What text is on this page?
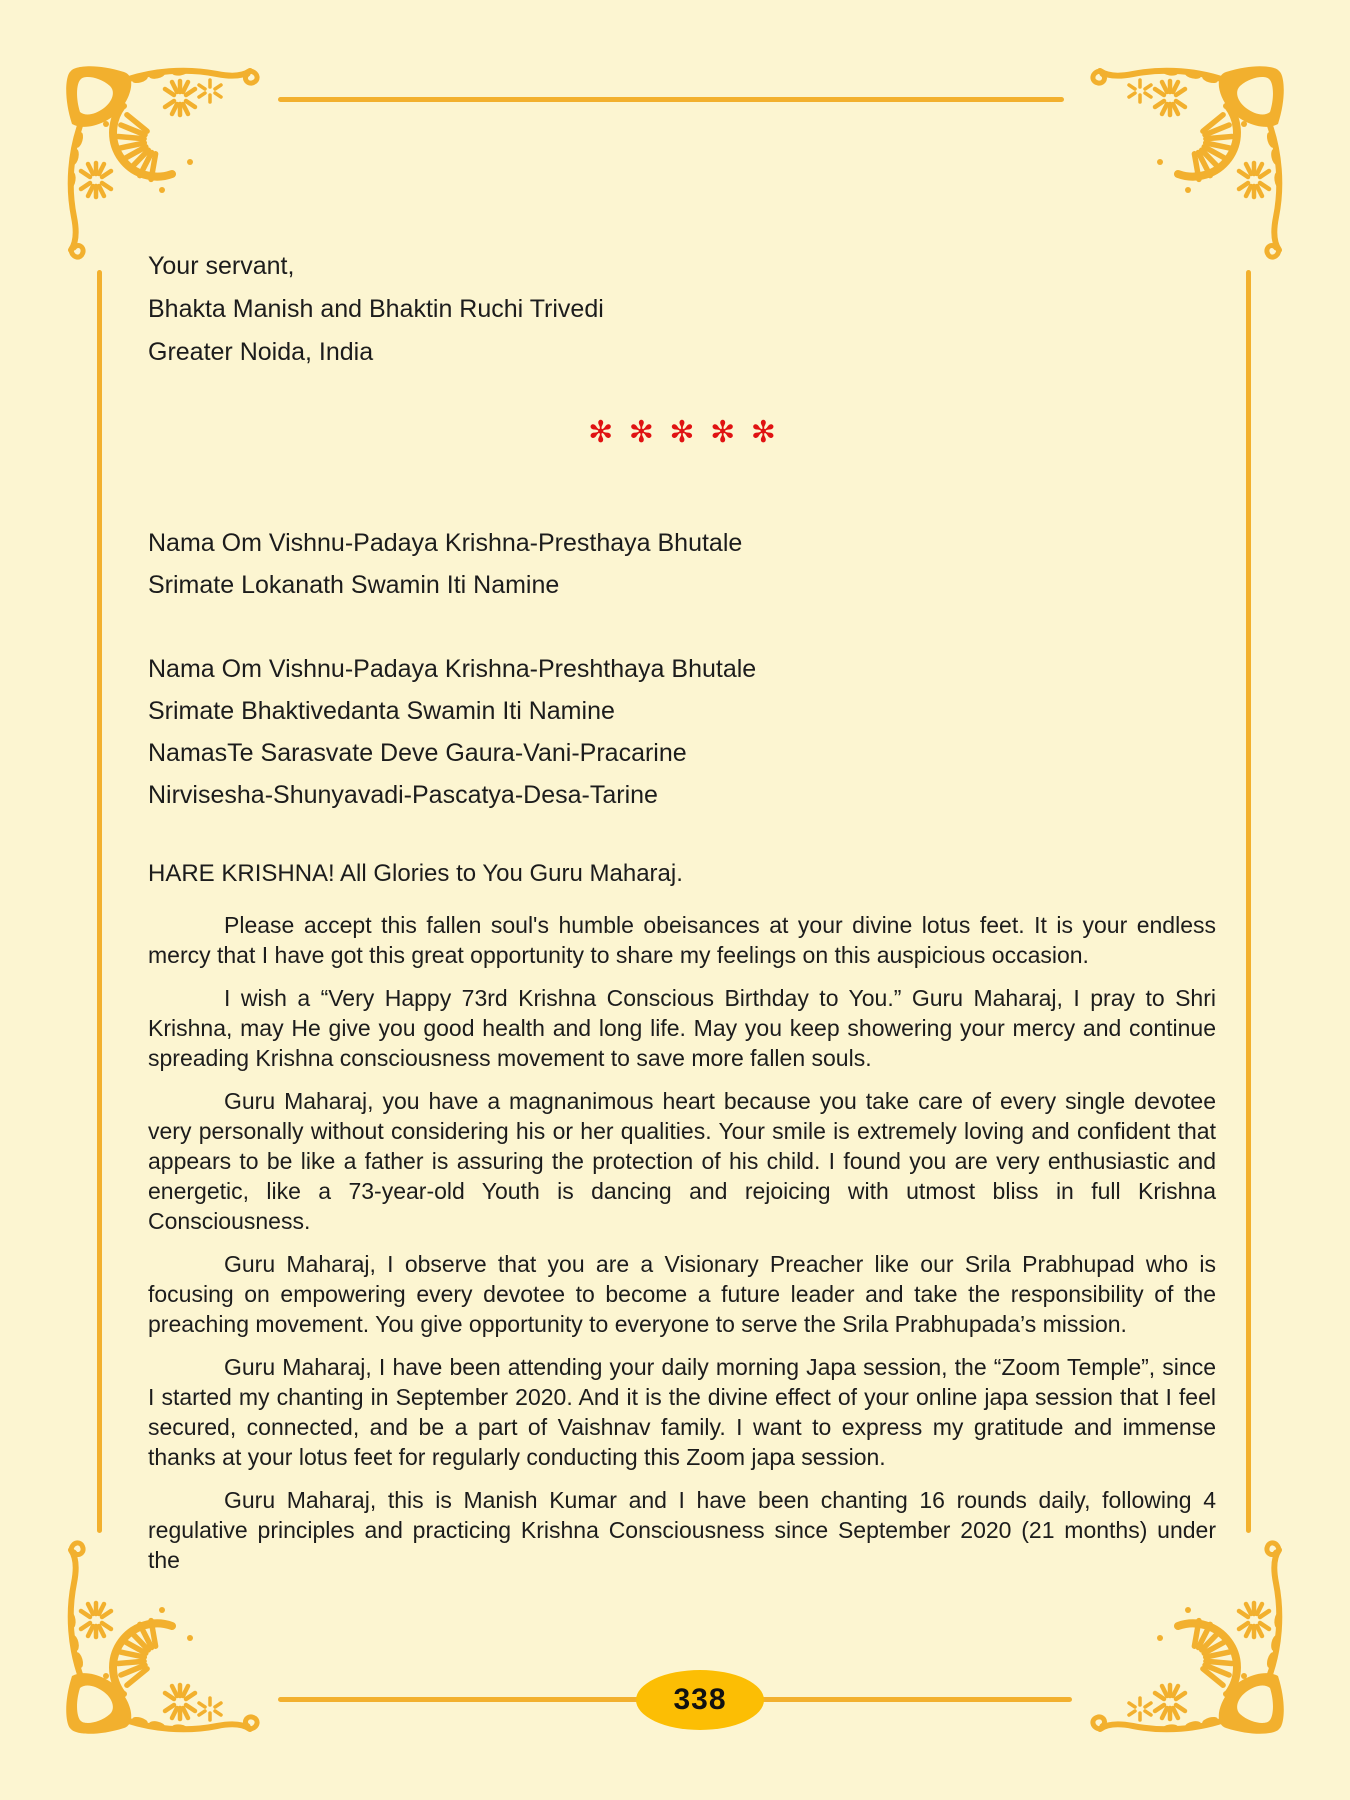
Your servant,
Bhakta Manish and Bhaktin Ruchi Trivedi
Greater Noida, India
✻ ✻ ✻ ✻ ✻
Nama Om Vishnu-Padaya Krishna-Presthaya Bhutale
Srimate Lokanath Swamin Iti Namine
Nama Om Vishnu-Padaya Krishna-Preshthaya Bhutale
Srimate Bhaktivedanta Swamin Iti Namine
NamasTe Sarasvate Deve Gaura-Vani-Pracarine
Nirvisesha-Shunyavadi-Pascatya-Desa-Tarine
HARE KRISHNA! All Glories to You Guru Maharaj.

Please accept this fallen soul's humble obeisances at your divine lotus feet. It is your endless mercy that I have got this great opportunity to share my feelings on this auspicious occasion.

I wish a “Very Happy 73rd Krishna Conscious Birthday to You.” Guru Maharaj, I pray to Shri Krishna, may He give you good health and long life. May you keep showering your mercy and continue spreading Krishna consciousness movement to save more fallen souls.

Guru Maharaj, you have a magnanimous heart because you take care of every single devotee very personally without considering his or her qualities. Your smile is extremely loving and confident that appears to be like a father is assuring the protection of his child. I found you are very enthusiastic and energetic, like a 73-year-old Youth is dancing and rejoicing with utmost bliss in full Krishna Consciousness.

Guru Maharaj, I observe that you are a Visionary Preacher like our Srila Prabhupad who is focusing on empowering every devotee to become a future leader and take the responsibility of the preaching movement. You give opportunity to everyone to serve the Srila Prabhupada’s mission.

Guru Maharaj, I have been attending your daily morning Japa session, the “Zoom Temple”, since I started my chanting in September 2020. And it is the divine effect of your online japa session that I feel secured, connected, and be a part of Vaishnav family. I want to express my gratitude and immense thanks at your lotus feet for regularly conducting this Zoom japa session.

Guru Maharaj, this is Manish Kumar and I have been chanting 16 rounds daily, following 4 regulative principles and practicing Krishna Consciousness since September 2020 (21 months) under the

338
